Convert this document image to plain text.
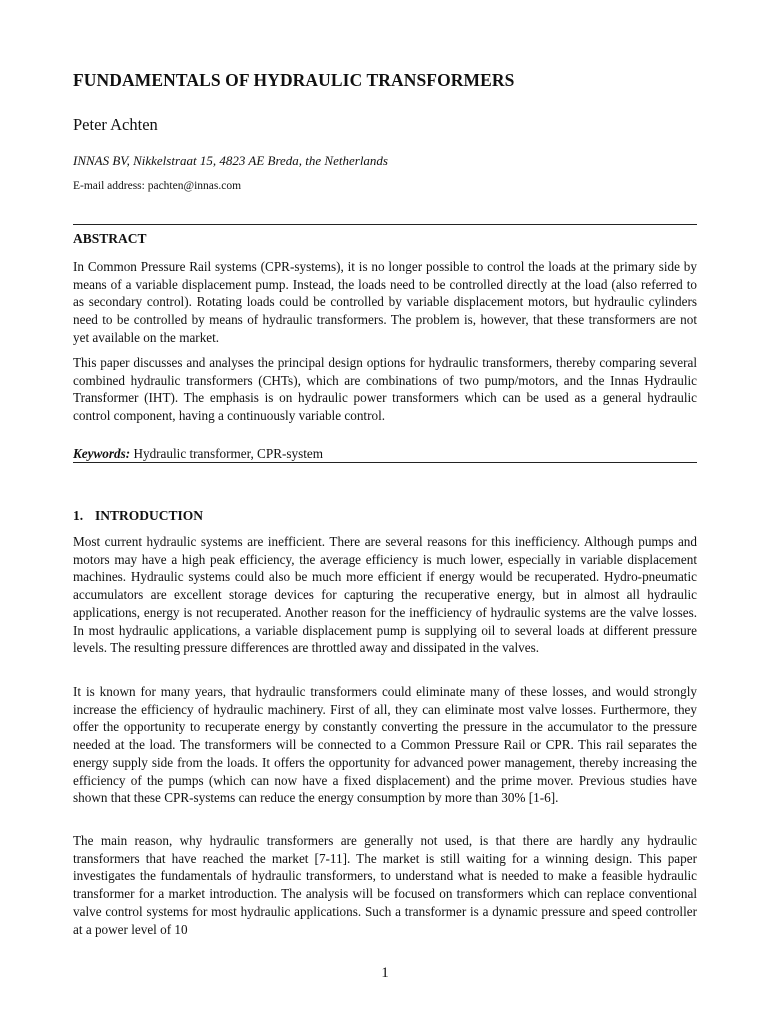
FUNDAMENTALS OF HYDRAULIC TRANSFORMERS

Peter Achten

INNAS BV, Nikkelstraat 15, 4823 AE Breda, the Netherlands

E-mail address: pachten@innas.com

ABSTRACT

In Common Pressure Rail systems (CPR-systems), it is no longer possible to control the loads at the primary side by means of a variable displacement pump. Instead, the loads need to be controlled directly at the load (also referred to as secondary control). Rotating loads could be controlled by variable displacement motors, but hydraulic cylinders need to be controlled by means of hydraulic transformers. The problem is, however, that these transformers are not yet available on the market.

This paper discusses and analyses the principal design options for hydraulic transformers, thereby comparing several combined hydraulic transformers (CHTs), which are combinations of two pump/motors, and the Innas Hydraulic Transformer (IHT). The emphasis is on hydraulic power transformers which can be used as a general hydraulic control component, having a continuously variable control.

Keywords: Hydraulic transformer, CPR-system

1. INTRODUCTION

Most current hydraulic systems are inefficient. There are several reasons for this inefficiency. Although pumps and motors may have a high peak efficiency, the average efficiency is much lower, especially in variable displacement machines. Hydraulic systems could also be much more efficient if energy would be recuperated. Hydro-pneumatic accumulators are excellent storage devices for capturing the recuperative energy, but in almost all hydraulic applications, energy is not recuperated. Another reason for the inefficiency of hydraulic systems are the valve losses. In most hydraulic applications, a variable displacement pump is supplying oil to several loads at different pressure levels. The resulting pressure differences are throttled away and dissipated in the valves.

It is known for many years, that hydraulic transformers could eliminate many of these losses, and would strongly increase the efficiency of hydraulic machinery. First of all, they can eliminate most valve losses. Furthermore, they offer the opportunity to recuperate energy by constantly converting the pressure in the accumulator to the pressure needed at the load. The transformers will be connected to a Common Pressure Rail or CPR. This rail separates the energy supply side from the loads. It offers the opportunity for advanced power management, thereby increasing the efficiency of the pumps (which can now have a fixed displacement) and the prime mover. Previous studies have shown that these CPR-systems can reduce the energy consumption by more than 30% [1-6].

The main reason, why hydraulic transformers are generally not used, is that there are hardly any hydraulic transformers that have reached the market [7-11]. The market is still waiting for a winning design. This paper investigates the fundamentals of hydraulic transformers, to understand what is needed to make a feasible hydraulic transformer for a market introduction. The analysis will be focused on transformers which can replace conventional valve control systems for most hydraulic applications. Such a transformer is a dynamic pressure and speed controller at a power level of 10

1
